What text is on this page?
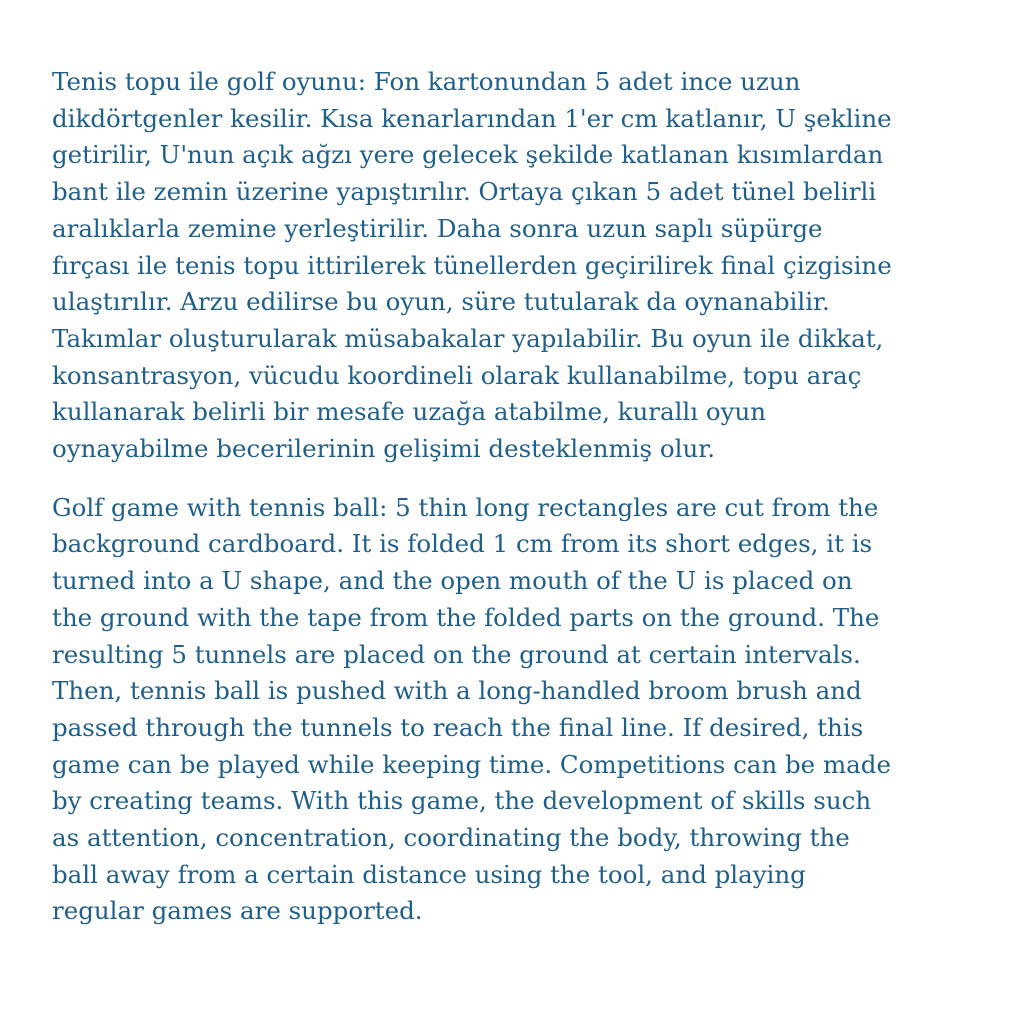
Tenis topu ile golf oyunu: Fon kartonundan 5 adet ince uzun
dikdörtgenler kesilir. Kısa kenarlarından 1'er cm katlanır, U şekline
getirilir, U'nun açık ağzı yere gelecek şekilde katlanan kısımlardan
bant ile zemin üzerine yapıştırılır. Ortaya çıkan 5 adet tünel belirli
aralıklarla zemine yerleştirilir. Daha sonra uzun saplı süpürge
fırçası ile tenis topu ittirilerek tünellerden geçirilirek final çizgisine
ulaştırılır. Arzu edilirse bu oyun, süre tutularak da oynanabilir.
Takımlar oluşturularak müsabakalar yapılabilir. Bu oyun ile dikkat,
konsantrasyon, vücudu koordineli olarak kullanabilme, topu araç
kullanarak belirli bir mesafe uzağa atabilme, kurallı oyun
oynayabilme becerilerinin gelişimi desteklenmiş olur.

Golf game with tennis ball: 5 thin long rectangles are cut from the
background cardboard. It is folded 1 cm from its short edges, it is
turned into a U shape, and the open mouth of the U is placed on
the ground with the tape from the folded parts on the ground. The
resulting 5 tunnels are placed on the ground at certain intervals.
Then, tennis ball is pushed with a long-handled broom brush and
passed through the tunnels to reach the final line. If desired, this
game can be played while keeping time. Competitions can be made
by creating teams. With this game, the development of skills such
as attention, concentration, coordinating the body, throwing the
ball away from a certain distance using the tool, and playing
regular games are supported.
